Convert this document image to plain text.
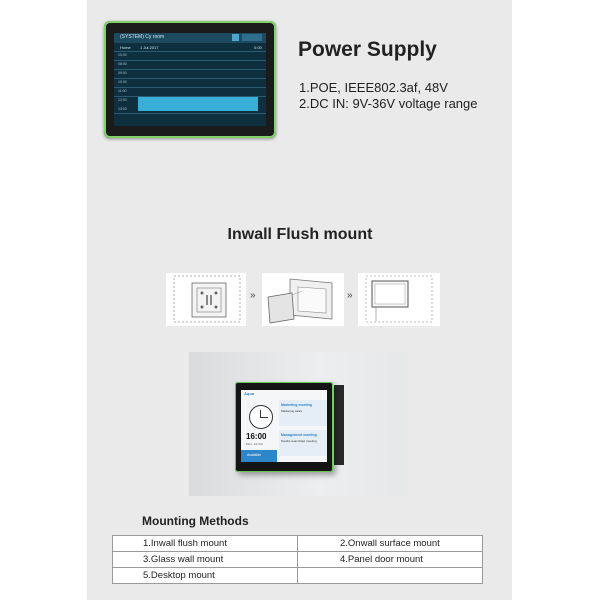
(SYSTEM) Cy room
Home 1 Jul 2017	0:00
10:00
08:00
09:00
10:00
11:00
12:00
13:00
Power Supply
1.POE, IEEE802.3af, 48V
2.DC IN: 9V-36V voltage range
Inwall Flush mount
»	»
Aqua
16:00
Mon, Jul 3rd
Available
Marketing meeting
Marketing sales
Management meeting
Dandie team/Capt meeting
Mounting Methods
1.Inwall flush mount	2.Onwall surface mount
3.Glass wall mount	4.Panel door mount
5.Desktop mount	
